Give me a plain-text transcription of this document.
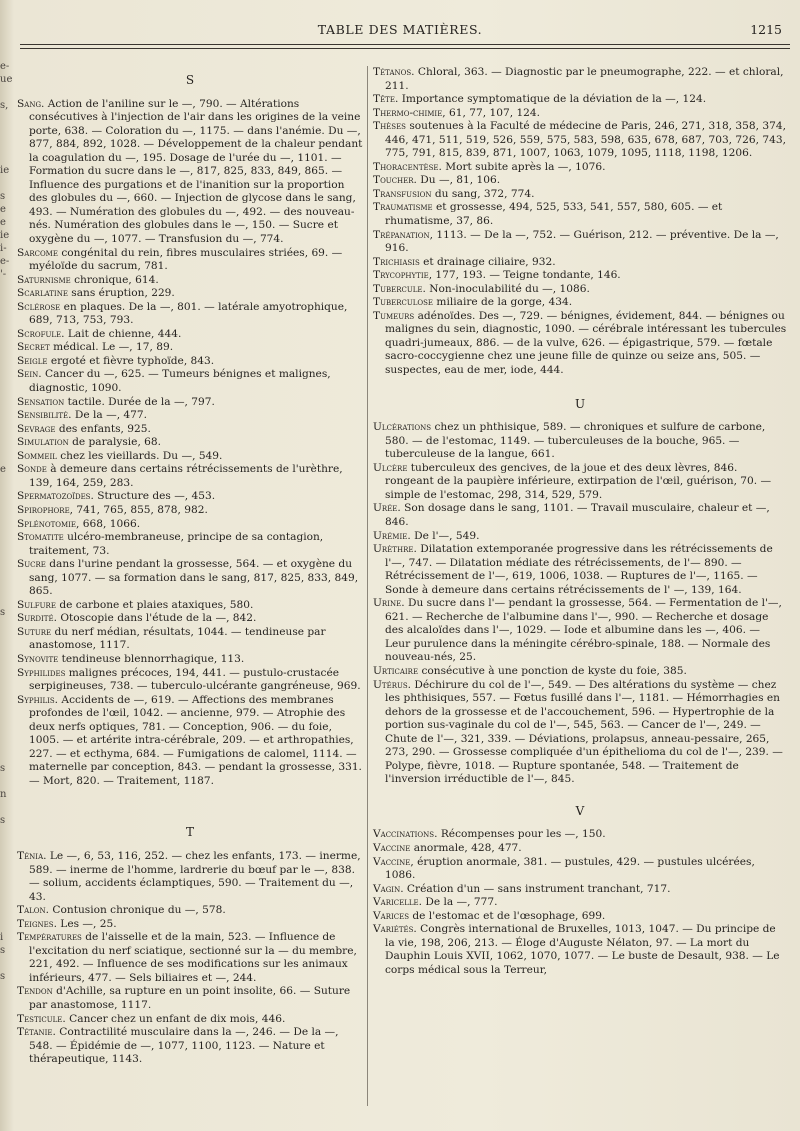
e-
ue

s,

ie

s
e
e
ie
i-
e-
'-

e

s

s

n

s

i
s

s
TABLE DES MATIÈRES.	1215
S

Sang. Action de l'aniline sur le —, 790. — Altérations consécutives à l'injection de l'air dans les origines de la veine porte, 638. — Coloration du —, 1175. — dans l'anémie. Du —, 877, 884, 892, 1028. — Développement de la chaleur pendant la coagulation du —, 195. Dosage de l'urée du —, 1101. — Formation du sucre dans le —, 817, 825, 833, 849, 865. — Influence des purgations et de l'inanition sur la proportion des globules du —, 660. — Injection de glycose dans le sang, 493. — Numération des globules du —, 492. — des nouveau-nés. Numération des globules dans le —, 150. — Sucre et oxygène du —, 1077. — Transfusion du —, 774.

Sarcome congénital du rein, fibres musculaires striées, 69. — myéloïde du sacrum, 781.

Saturnisme chronique, 614.

Scarlatine sans éruption, 229.

Sclérose en plaques. De la —, 801. — latérale amyotrophique, 689, 713, 753, 793.

Scrofule. Lait de chienne, 444.

Secret médical. Le —, 17, 89.

Seigle ergoté et fièvre typhoïde, 843.

Sein. Cancer du —, 625. — Tumeurs bénignes et malignes, diagnostic, 1090.

Sensation tactile. Durée de la —, 797.

Sensibilité. De la —, 477.

Sevrage des enfants, 925.

Simulation de paralysie, 68.

Sommeil chez les vieillards. Du —, 549.

Sonde à demeure dans certains rétrécissements de l'urèthre, 139, 164, 259, 283.

Spermatozoïdes. Structure des —, 453.

Spirophore, 741, 765, 855, 878, 982.

Splénotomie, 668, 1066.

Stomatite ulcéro-membraneuse, principe de sa contagion, traitement, 73.

Sucre dans l'urine pendant la grossesse, 564. — et oxygène du sang, 1077. — sa formation dans le sang, 817, 825, 833, 849, 865.

Sulfure de carbone et plaies ataxiques, 580.

Surdité. Otoscopie dans l'étude de la —, 842.

Suture du nerf médian, résultats, 1044. — tendineuse par anastomose, 1117.

Synovite tendineuse blennorrhagique, 113.

Syphilides malignes précoces, 194, 441. — pustulo-crustacée serpigineuses, 738. — tuberculo-ulcérante gangréneuse, 969.

Syphilis. Accidents de —, 619. — Affections des membranes profondes de l'œil, 1042. — ancienne, 979. — Atrophie des deux nerfs optiques, 781. — Conception, 906. — du foie, 1005. — et artérite intra-cérébrale, 209. — et arthropathies, 227. — et ecthyma, 684. — Fumigations de calomel, 1114. — maternelle par conception, 843. — pendant la grossesse, 331. — Mort, 820. — Traitement, 1187.

T

Ténia. Le —, 6, 53, 116, 252. — chez les enfants, 173. — inerme, 589. — inerme de l'homme, lardrerie du bœuf par le —, 838. — solium, accidents éclamptiques, 590. — Traitement du —, 43.

Talon. Contusion chronique du —, 578.

Teignes. Les —, 25.

Températures de l'aisselle et de la main, 523. — Influence de l'excitation du nerf sciatique, sectionné sur la — du membre, 221, 492. — Influence de ses modifications sur les animaux inférieurs, 477. — Sels biliaires et —, 244.

Tendon d'Achille, sa rupture en un point insolite, 66. — Suture par anastomose, 1117.

Testicule. Cancer chez un enfant de dix mois, 446.

Tétanie. Contractilité musculaire dans la —, 246. — De la —, 548. — Épidémie de —, 1077, 1100, 1123. — Nature et thérapeutique, 1143.

Tétanos. Chloral, 363. — Diagnostic par le pneumographe, 222. — et chloral, 211.

Tête. Importance symptomatique de la déviation de la —, 124.

Thermo-chimie, 61, 77, 107, 124.

Thèses soutenues à la Faculté de médecine de Paris, 246, 271, 318, 358, 374, 446, 471, 511, 519, 526, 559, 575, 583, 598, 635, 678, 687, 703, 726, 743, 775, 791, 815, 839, 871, 1007, 1063, 1079, 1095, 1118, 1198, 1206.

Thoracentèse. Mort subite après la —, 1076.

Toucher. Du —, 81, 106.

Transfusion du sang, 372, 774.

Traumatisme et grossesse, 494, 525, 533, 541, 557, 580, 605. — et rhumatisme, 37, 86.

Trépanation, 1113. — De la —, 752. — Guérison, 212. — préventive. De la —, 916.

Trichiasis et drainage ciliaire, 932.

Trycophytie, 177, 193. — Teigne tondante, 146.

Tubercule. Non-inoculabilité du —, 1086.

Tuberculose miliaire de la gorge, 434.

Tumeurs adénoïdes. Des —, 729. — bénignes, évidement, 844. — bénignes ou malignes du sein, diagnostic, 1090. — cérébrale intéressant les tubercules quadri-jumeaux, 886. — de la vulve, 626. — épigastrique, 579. — fœtale sacro-coccygienne chez une jeune fille de quinze ou seize ans, 505. — suspectes, eau de mer, iode, 444.

U

Ulcérations chez un phthisique, 589. — chroniques et sulfure de carbone, 580. — de l'estomac, 1149. — tuberculeuses de la bouche, 965. — tuberculeuse de la langue, 661.

Ulcère tuberculeux des gencives, de la joue et des deux lèvres, 846. rongeant de la paupière inférieure, extirpation de l'œil, guérison, 70. — simple de l'estomac, 298, 314, 529, 579.

Urée. Son dosage dans le sang, 1101. — Travail musculaire, chaleur et —, 846.

Urémie. De l'—, 549.

Urèthre. Dilatation extemporanée progressive dans les rétrécissements de l'—, 747. — Dilatation médiate des rétrécissements, de l'— 890. — Rétrécissement de l'—, 619, 1006, 1038. — Ruptures de l'—, 1165. — Sonde à demeure dans certains rétrécissements de l' —, 139, 164.

Urine. Du sucre dans l'— pendant la grossesse, 564. — Fermentation de l'—, 621. — Recherche de l'albumine dans l'—, 990. — Recherche et dosage des alcaloïdes dans l'—, 1029. — Iode et albumine dans les —, 406. — Leur purulence dans la méningite cérébro-spinale, 188. — Normale des nouveau-nés, 25.

Urticaire consécutive à une ponction de kyste du foie, 385.

Utérus. Déchirure du col de l'—, 549. — Des altérations du système — chez les phthisiques, 557. — Fœtus fusillé dans l'—, 1181. — Hémorrhagies en dehors de la grossesse et de l'accouchement, 596. — Hypertrophie de la portion sus-vaginale du col de l'—, 545, 563. — Cancer de l'—, 249. — Chute de l'—, 321, 339. — Déviations, prolapsus, anneau-pessaire, 265, 273, 290. — Grossesse compliquée d'un épithelioma du col de l'—, 239. — Polype, fièvre, 1018. — Rupture spontanée, 548. — Traitement de l'inversion irréductible de l'—, 845.

V

Vaccinations. Récompenses pour les —, 150.

Vaccine anormale, 428, 477.

Vaccine, éruption anormale, 381. — pustules, 429. — pustules ulcérées, 1086.

Vagin. Création d'un — sans instrument tranchant, 717.

Varicelle. De la —, 777.

Varices de l'estomac et de l'œsophage, 699.

Variétés. Congrès international de Bruxelles, 1013, 1047. — Du principe de la vie, 198, 206, 213. — Éloge d'Auguste Nélaton, 97. — La mort du Dauphin Louis XVII, 1062, 1070, 1077. — Le buste de Desault, 938. — Le corps médical sous la Terreur,
